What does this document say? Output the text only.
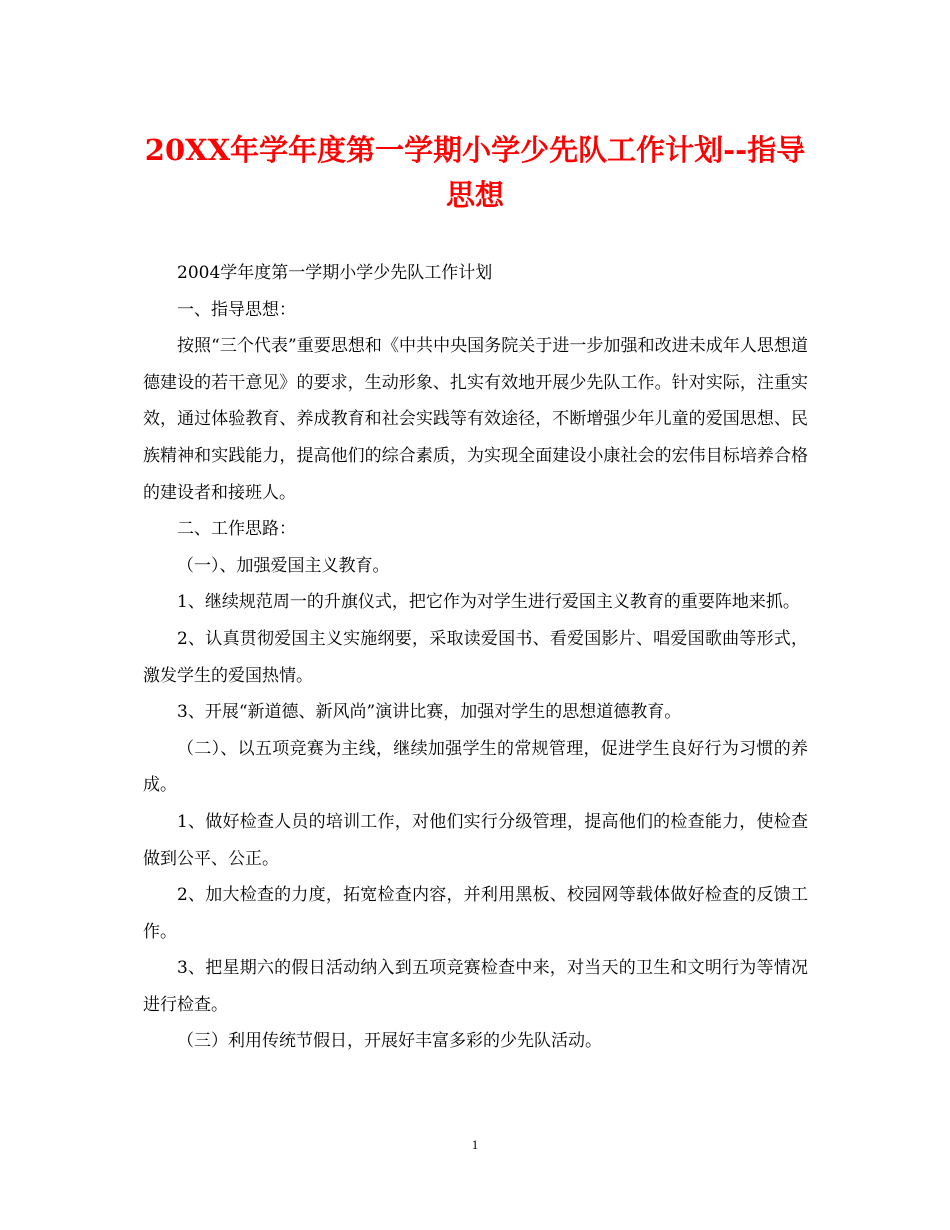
20XX年学年度第一学期小学少先队工作计划--指导思想

2004学年度第一学期小学少先队工作计划

一、指导思想：

按照“三个代表”重要思想和《中共中央国务院关于进一步加强和改进未成年人思想道德建设的若干意见》的要求，生动形象、扎实有效地开展少先队工作。针对实际，注重实效，通过体验教育、养成教育和社会实践等有效途径，不断增强少年儿童的爱国思想、民族精神和实践能力，提高他们的综合素质，为实现全面建设小康社会的宏伟目标培养合格的建设者和接班人。

二、工作思路：

（一）、加强爱国主义教育。

1、继续规范周一的升旗仪式，把它作为对学生进行爱国主义教育的重要阵地来抓。

2、认真贯彻爱国主义实施纲要，采取读爱国书、看爱国影片、唱爱国歌曲等形式，激发学生的爱国热情。

3、开展“新道德、新风尚”演讲比赛，加强对学生的思想道德教育。

（二）、以五项竞赛为主线，继续加强学生的常规管理，促进学生良好行为习惯的养成。

1、做好检查人员的培训工作，对他们实行分级管理，提高他们的检查能力，使检查做到公平、公正。

2、加大检查的力度，拓宽检查内容，并利用黑板、校园网等载体做好检查的反馈工作。

3、把星期六的假日活动纳入到五项竞赛检查中来，对当天的卫生和文明行为等情况进行检查。

（三）利用传统节假日，开展好丰富多彩的少先队活动。

1
